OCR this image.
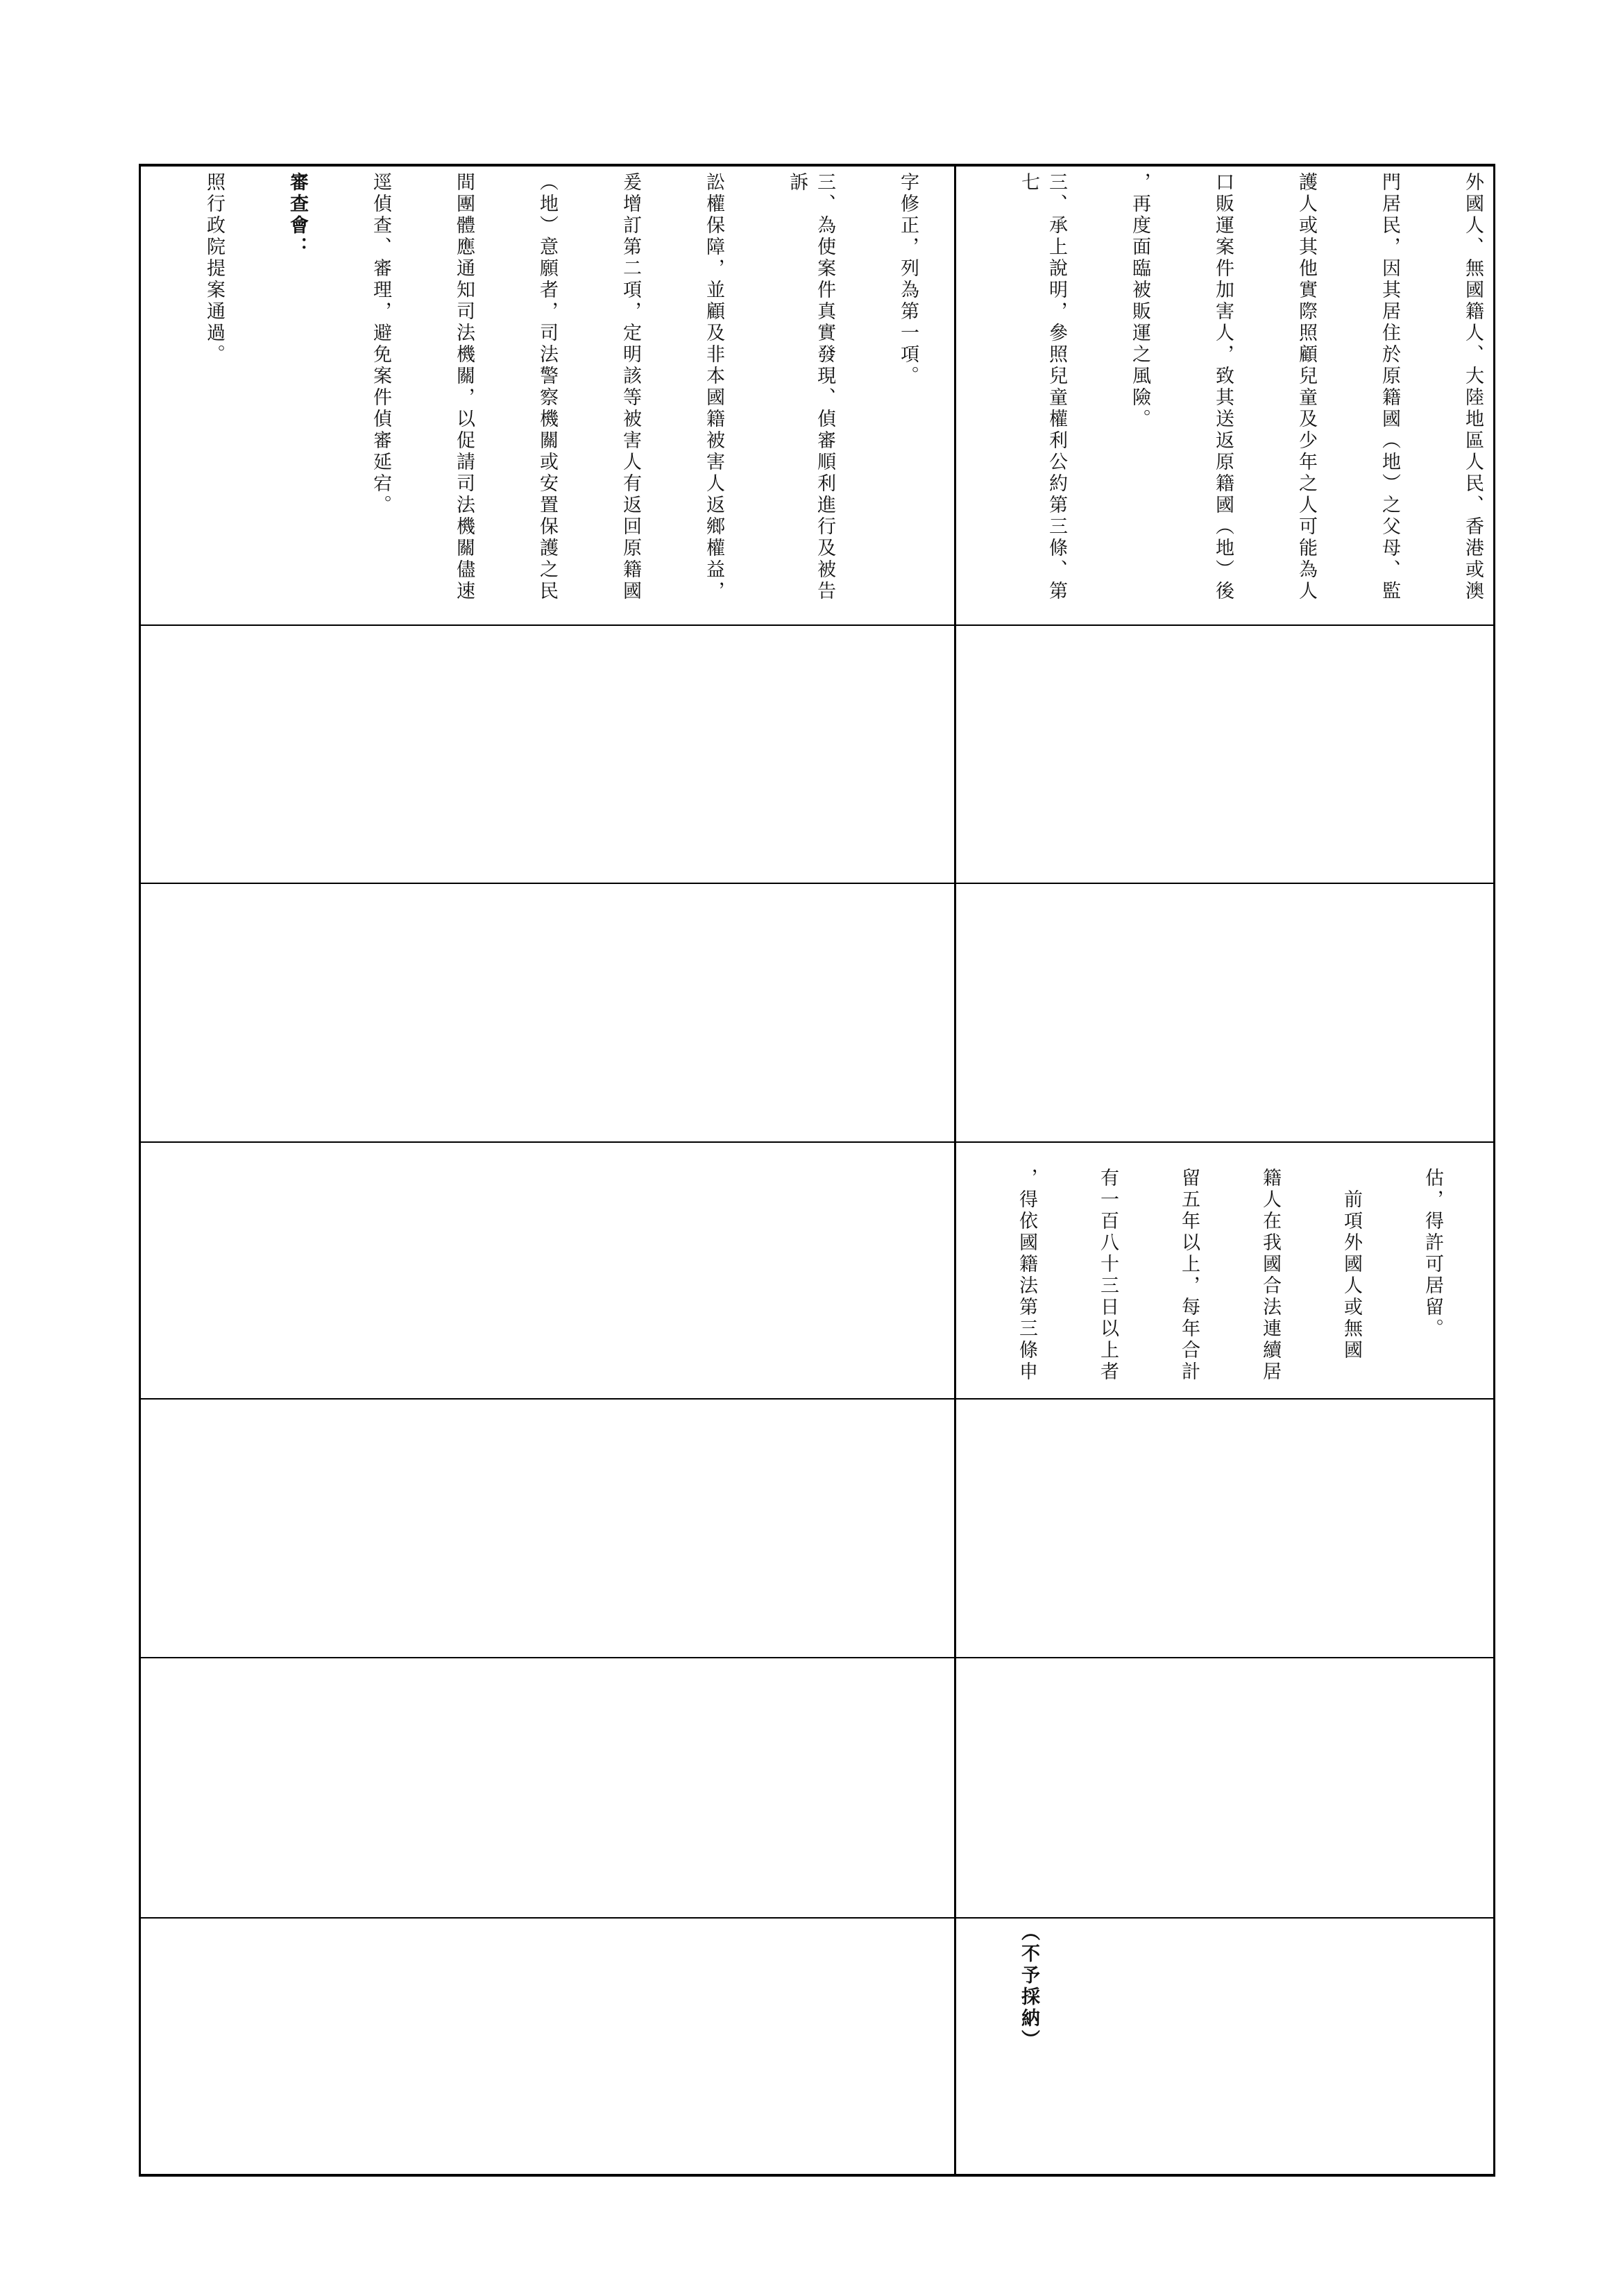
字修正，列為第一項。

三、為使案件真實發現、偵審順利進行及被告訴

訟權保障，並顧及非本國籍被害人返鄉權益，

爰增訂第二項，定明該等被害人有返回原籍國

（地）意願者，司法警察機關或安置保護之民

間團體應通知司法機關，以促請司法機關儘速

逕偵查、審理，避免案件偵審延宕。

審查會：

照行政院提案通過。

	外國人、無國籍人、大陸地區人民、香港或澳

門居民，因其居住於原籍國（地）之父母、監

護人或其他實際照顧兒童及少年之人可能為人

口販運案件加害人，致其送返原籍國（地）後

，再度面臨被販運之風險。

三、承上說明，參照兒童權利公約第三條、第七

　估，得許可居留。

　　前項外國人或無國

　籍人在我國合法連續居

　留五年以上，每年合計

　有一百八十三日以上者

　，得依國籍法第三條申

（不予採納）
